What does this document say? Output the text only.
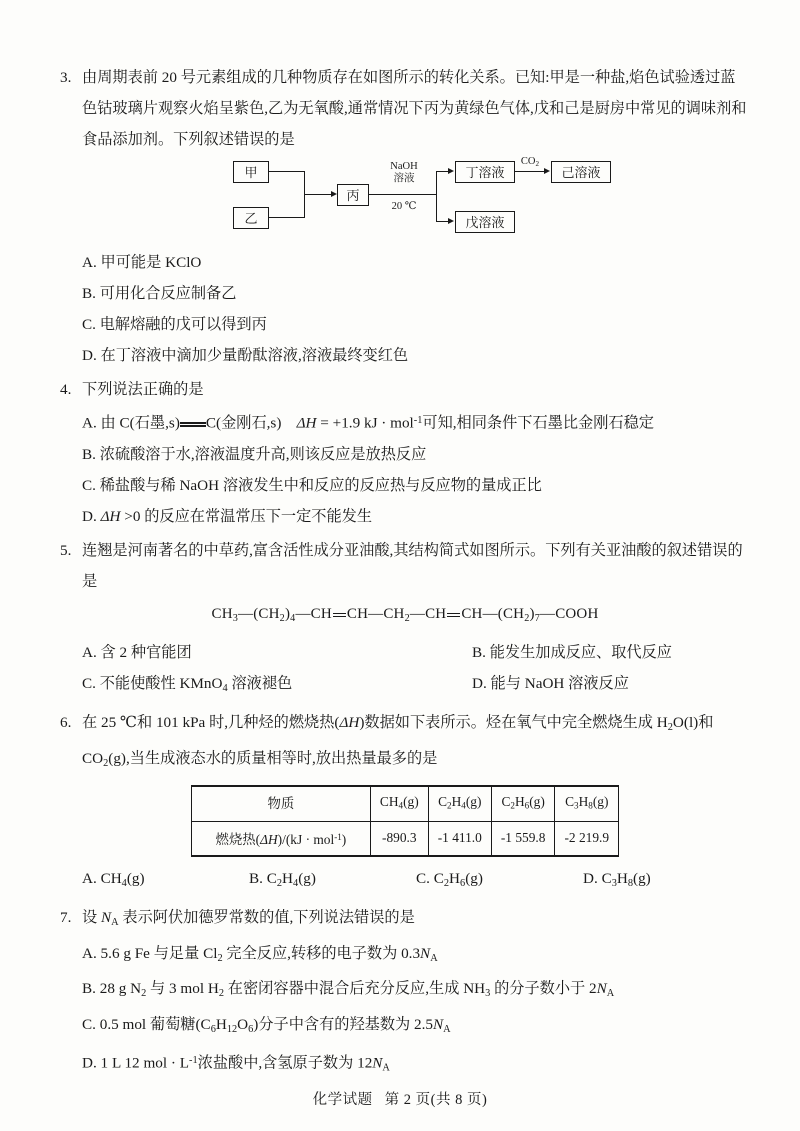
3. 由周期表前 20 号元素组成的几种物质存在如图所示的转化关系。已知:甲是一种盐,焰色试验透过蓝色钴玻璃片观察火焰呈紫色,乙为无氧酸,通常情况下丙为黄绿色气体,戊和己是厨房中常见的调味剂和食品添加剂。下列叙述错误的是
甲
乙
丙
丁溶液
戊溶液
己溶液
NaOH
溶液
20 ℃
$CO_2$
A. 甲可能是 KClO
B. 可用化合反应制备乙
C. 电解熔融的戊可以得到丙
D. 在丁溶液中滴加少量酚酞溶液,溶液最终变红色
4. 下列说法正确的是
A. 由 C(石墨,s) C(金刚石,s) ΔH = +1.9 kJ · mol$^{-1}$可知,相同条件下石墨比金刚石稳定
B. 浓硫酸溶于水,溶液温度升高,则该反应是放热反应
C. 稀盐酸与稀 NaOH 溶液发生中和反应的反应热与反应物的量成正比
D. ΔH >0 的反应在常温常压下一定不能发生
5. 连翘是河南著名的中草药,富含活性成分亚油酸,其结构简式如图所示。下列有关亚油酸的叙述错误的是
$CH_3—(CH_2)_4—CH$ $CH—CH_2—CH$ $CH—(CH_2)_7—COOH$
A. 含 2 种官能团	B. 能发生加成反应、取代反应
C. 不能使酸性 KMnO$_4$ 溶液褪色	D. 能与 NaOH 溶液反应
6. 在 25 ℃和 101 kPa 时,几种烃的燃烧热(ΔH)数据如下表所示。烃在氧气中完全燃烧生成 $H_2O(l)$和 $CO_2(g)$,当生成液态水的质量相等时,放出热量最多的是
物质	$CH_4(g)$	$C_2H_4(g)$	$C_2H_6(g)$	$C_3H_8(g)$
燃烧热(ΔH)/(kJ · mol$^{-1}$)	-890.3	-1 411.0	-1 559.8	-2 219.9
A. $CH_4(g)$	B. $C_2H_4(g)$	C. $C_2H_6(g)$	D. $C_3H_8(g)$
7. 设 $N_A$ 表示阿伏加德罗常数的值,下列说法错误的是
A. 5.6 g Fe 与足量 $Cl_2$ 完全反应,转移的电子数为 $0.3N_A$
B. 28 g $N_2$ 与 3 mol $H_2$ 在密闭容器中混合后充分反应,生成 $NH_3$ 的分子数小于 $2N_A$
C. 0.5 mol 葡萄糖$(C_6H_{12}O_6)$分子中含有的羟基数为 $2.5N_A$
D. 1 L 12 mol · $L^{-1}$浓盐酸中,含氢原子数为 $12N_A$
化学试题 第 2 页(共 8 页)
